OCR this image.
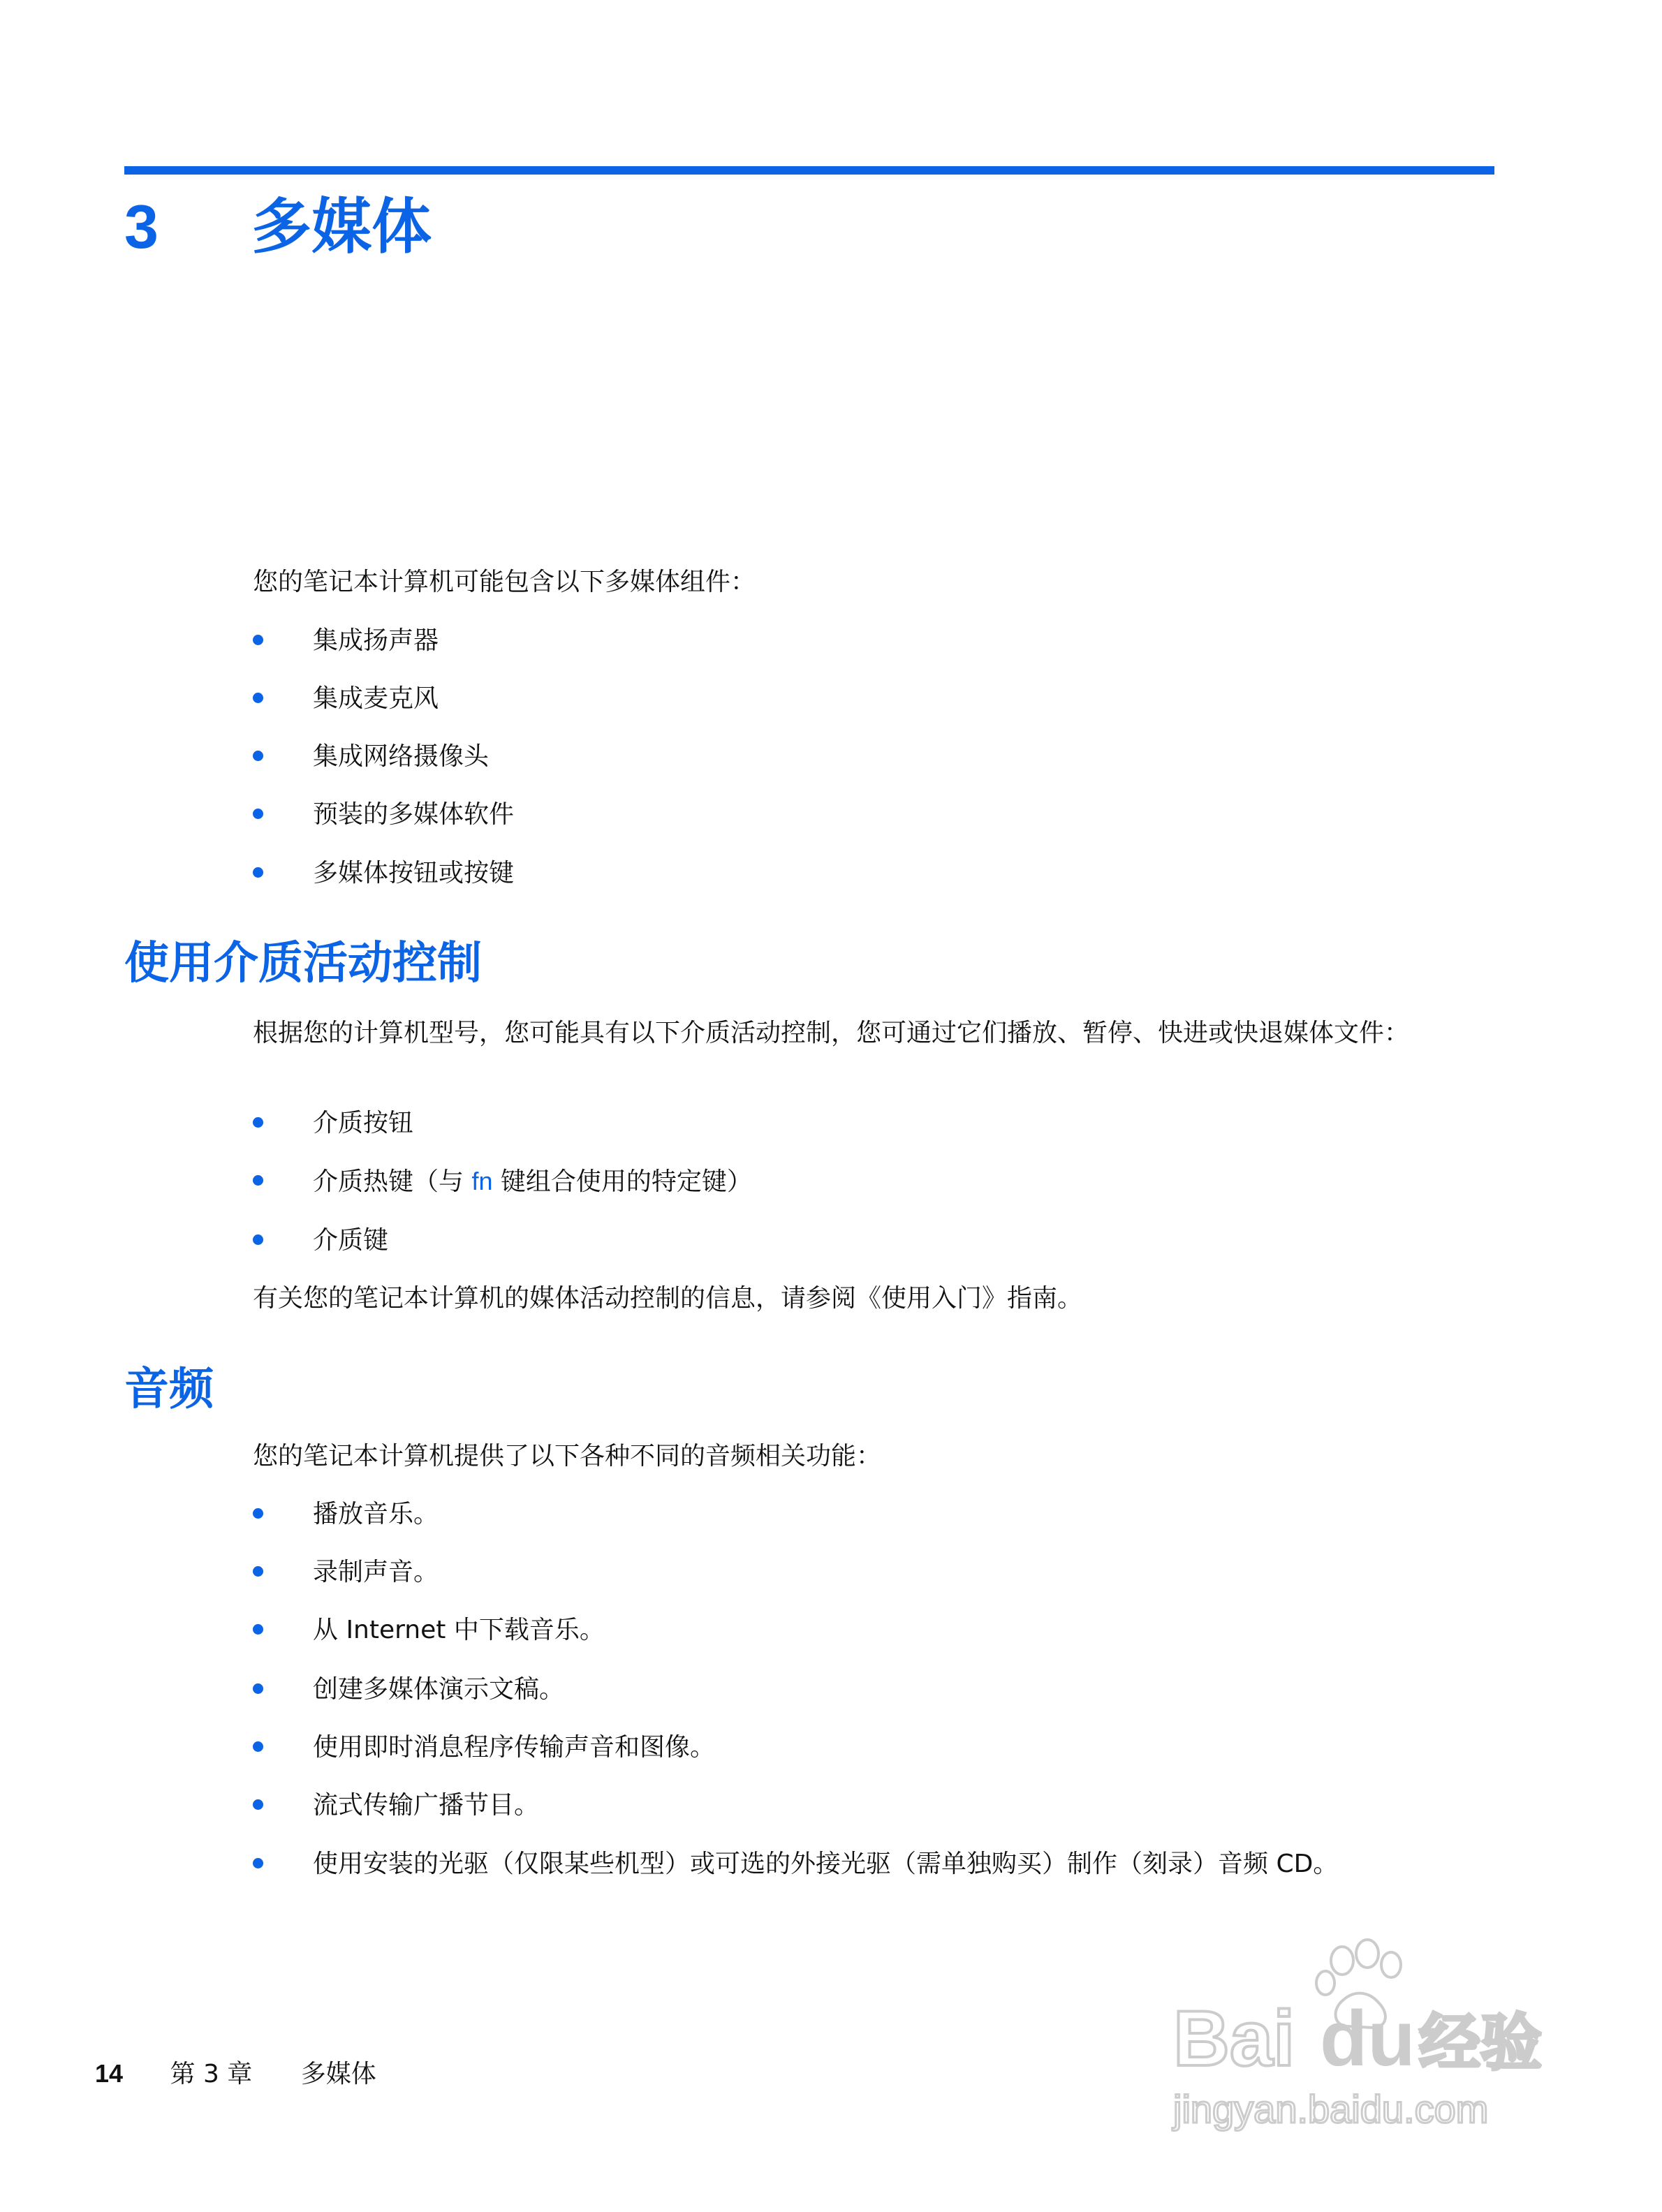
3 多媒体
您的笔记本计算机可能包含以下多媒体组件：
集成扬声器
集成麦克风
集成网络摄像头
预装的多媒体软件
多媒体按钮或按键
使用介质活动控制
根据您的计算机型号，您可能具有以下介质活动控制，您可通过它们播放、暂停、快进或快退媒体文件：
介质按钮
介质热键（与 fn 键组合使用的特定键）
介质键
有关您的笔记本计算机的媒体活动控制的信息，请参阅《使用入门》指南。
音频
您的笔记本计算机提供了以下各种不同的音频相关功能：
播放音乐。
录制声音。
从 Internet 中下载音乐。
创建多媒体演示文稿。
使用即时消息程序传输声音和图像。
流式传输广播节目。
使用安装的光驱（仅限某些机型）或可选的外接光驱（需单独购买）制作（刻录）音频 CD。
14 第 3 章 多媒体	Bai du 经验
jingyan.baidu.com
